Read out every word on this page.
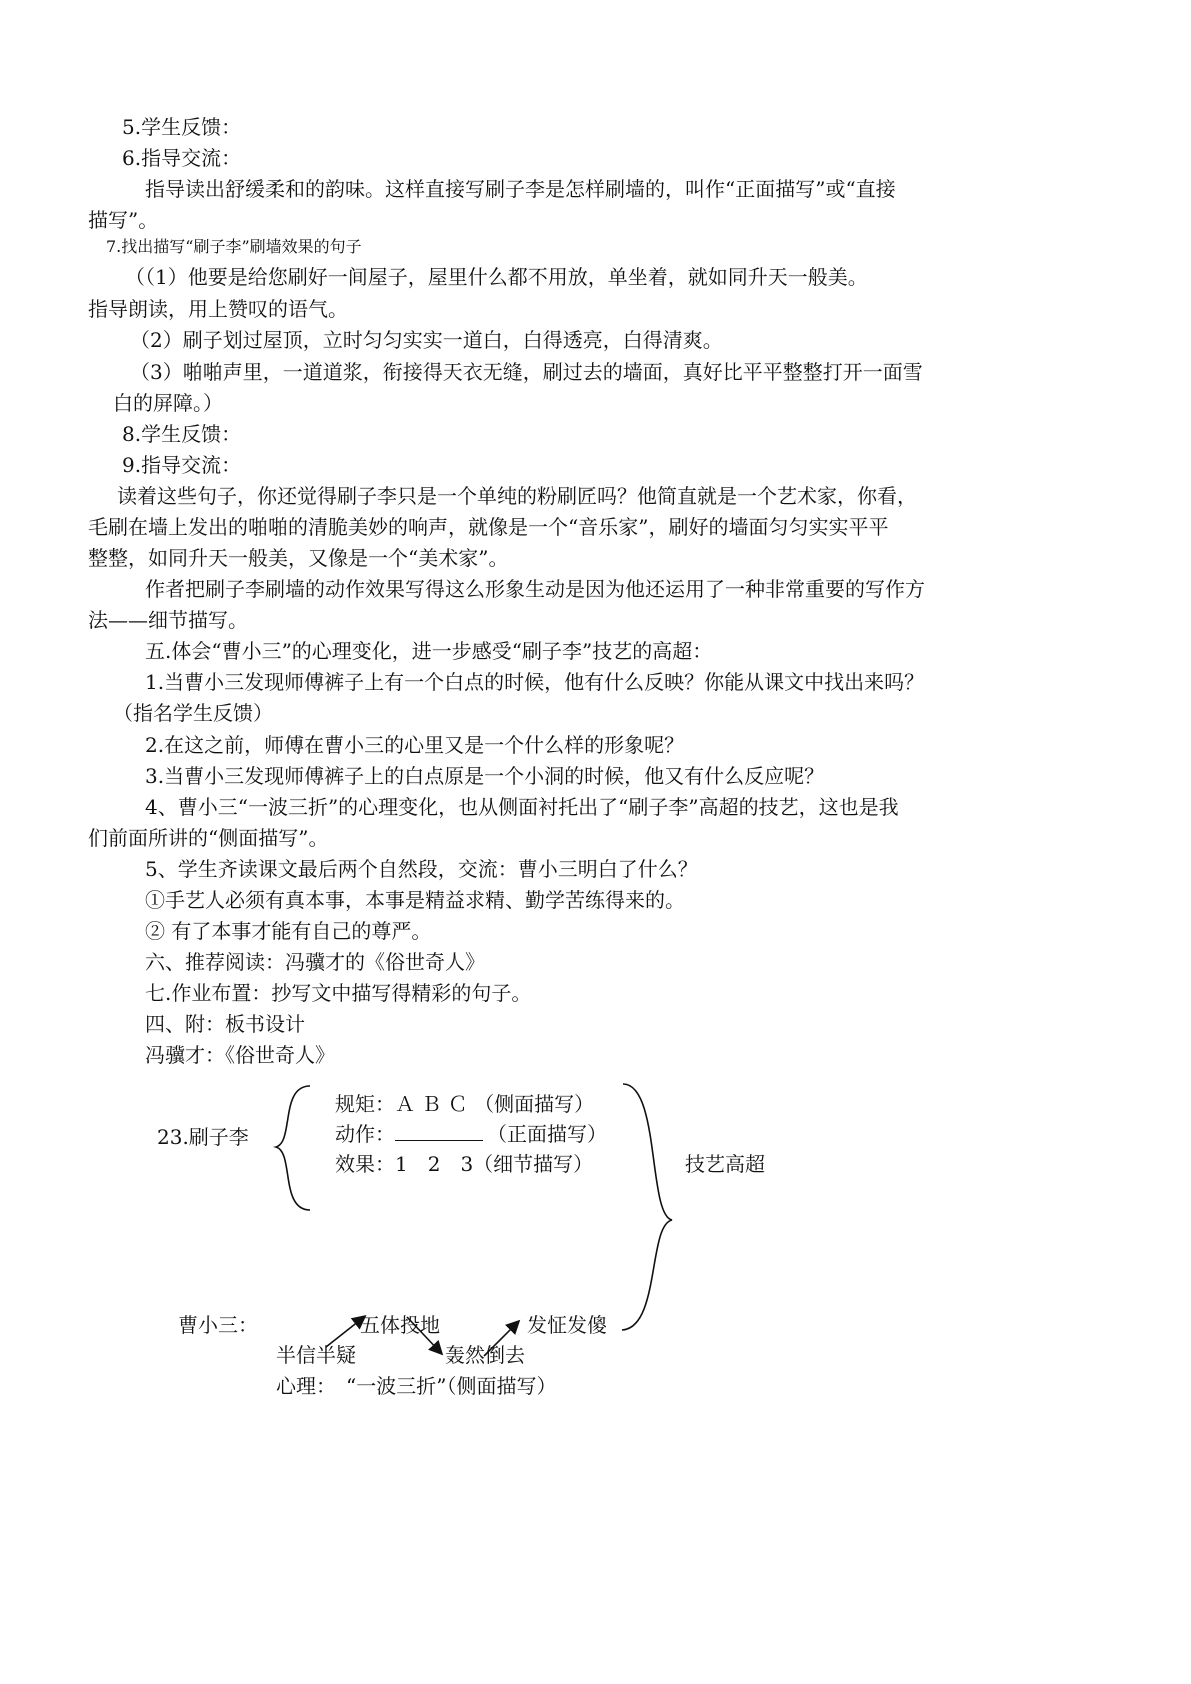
5.学生反馈：
6.指导交流：
指导读出舒缓柔和的韵味。这样直接写刷子李是怎样刷墙的，叫作“正面描写”或“直接
描写”。
7.找出描写“刷子李”刷墙效果的句子
（（1）他要是给您刷好一间屋子，屋里什么都不用放，单坐着，就如同升天一般美。
指导朗读，用上赞叹的语气。
（2）刷子划过屋顶，立时匀匀实实一道白，白得透亮，白得清爽。
（3）啪啪声里，一道道浆，衔接得天衣无缝，刷过去的墙面，真好比平平整整打开一面雪
白的屏障。）
8.学生反馈：
9.指导交流：
读着这些句子，你还觉得刷子李只是一个单纯的粉刷匠吗？他简直就是一个艺术家，你看，
毛刷在墙上发出的啪啪的清脆美妙的响声，就像是一个“音乐家”，刷好的墙面匀匀实实平平
整整，如同升天一般美，又像是一个“美术家”。
作者把刷子李刷墙的动作效果写得这么形象生动是因为他还运用了一种非常重要的写作方
法——细节描写。
五.体会“曹小三”的心理变化，进一步感受“刷子李”技艺的高超：
1.当曹小三发现师傅裤子上有一个白点的时候，他有什么反映？你能从课文中找出来吗？
（指名学生反馈）
2.在这之前，师傅在曹小三的心里又是一个什么样的形象呢？
3.当曹小三发现师傅裤子上的白点原是一个小洞的时候，他又有什么反应呢？
4、曹小三“一波三折”的心理变化，也从侧面衬托出了“刷子李”高超的技艺，这也是我
们前面所讲的“侧面描写”。
5、学生齐读课文最后两个自然段，交流：曹小三明白了什么？
①手艺人必须有真本事，本事是精益求精、勤学苦练得来的。
② 有了本事才能有自己的尊严。
六、推荐阅读：冯骥才的《俗世奇人》
七.作业布置：抄写文中描写得精彩的句子。
四、附：板书设计
冯骥才：《俗世奇人》
23.刷子李
规矩：Ａ Ｂ Ｃ （侧面描写）
动作：	（正面描写）
效果：1　2　3（细节描写）	技艺高超
曹小三：	五体投地	发怔发傻
半信半疑	轰然倒去
心理：　“一波三折”（侧面描写）
